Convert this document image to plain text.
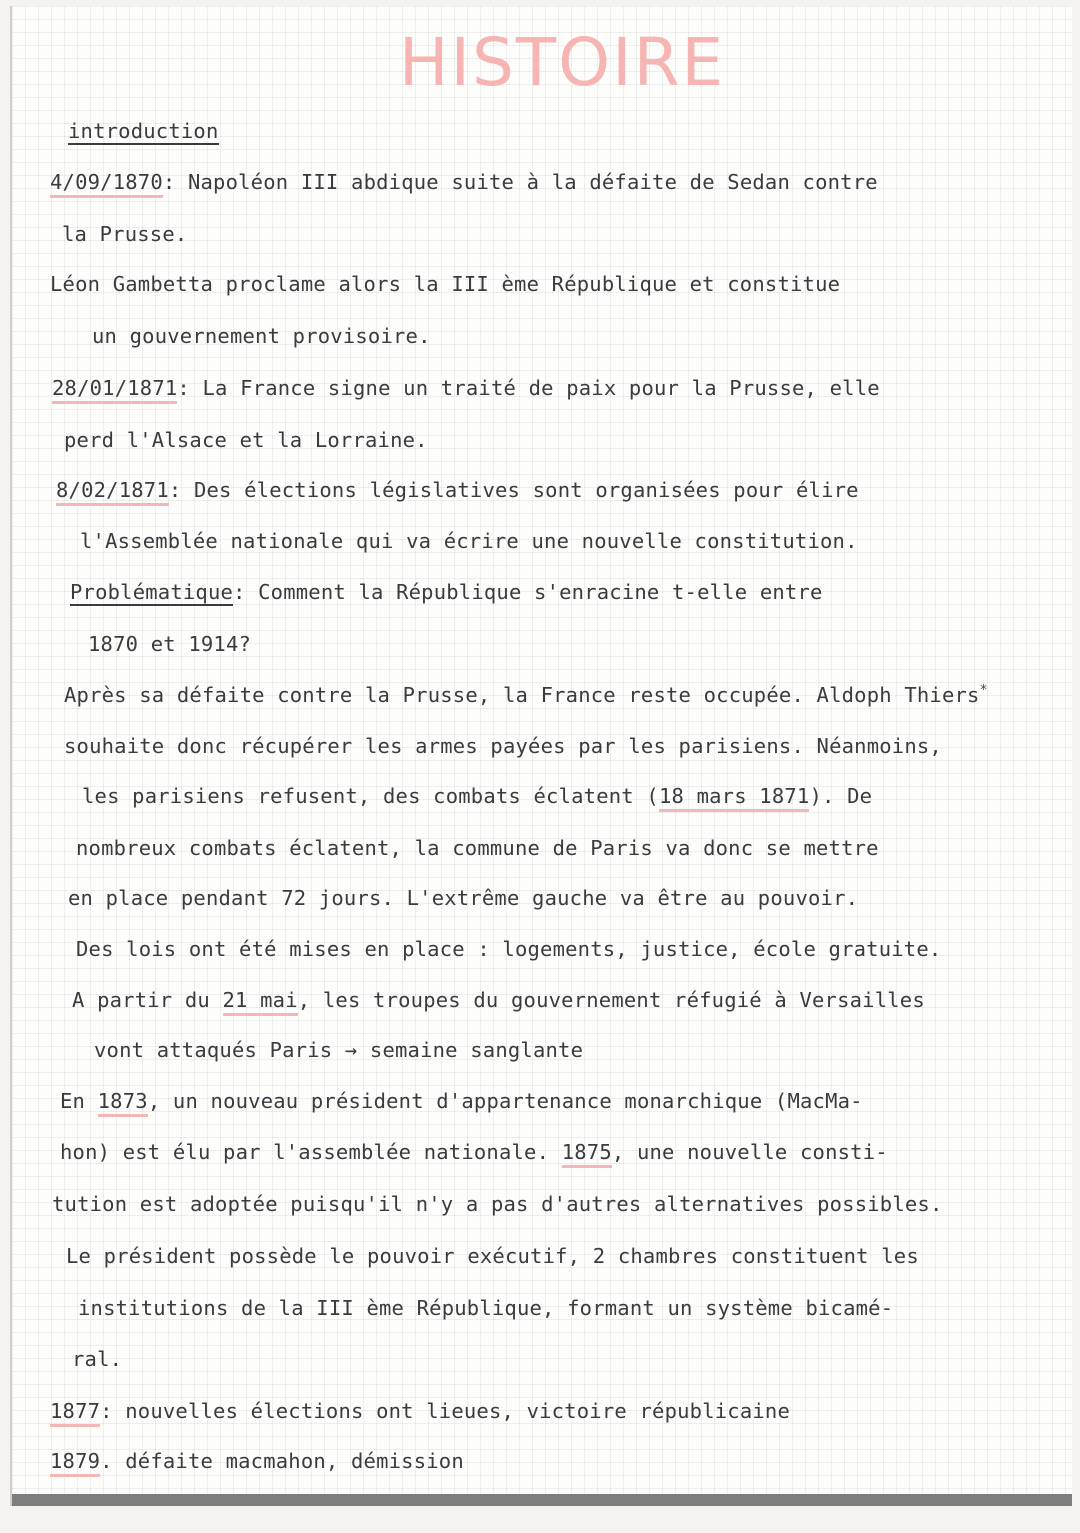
HISTOIRE
introduction
4/09/1870: Napoléon III abdique suite à la défaite de Sedan contre
la Prusse.
Léon Gambetta proclame alors la III ème République et constitue
un gouvernement provisoire.
28/01/1871: La France signe un traité de paix pour la Prusse, elle
perd l'Alsace et la Lorraine.
8/02/1871: Des élections législatives sont organisées pour élire
l'Assemblée nationale qui va écrire une nouvelle constitution.
Problématique: Comment la République s'enracine t-elle entre
1870 et 1914?
Après sa défaite contre la Prusse, la France reste occupée. Aldoph Thiers*
souhaite donc récupérer les armes payées par les parisiens. Néanmoins,
les parisiens refusent, des combats éclatent (18 mars 1871). De
nombreux combats éclatent, la commune de Paris va donc se mettre
en place pendant 72 jours. L'extrême gauche va être au pouvoir.
Des lois ont été mises en place : logements, justice, école gratuite.
A partir du 21 mai, les troupes du gouvernement réfugié à Versailles
vont attaqués Paris → semaine sanglante
En 1873, un nouveau président d'appartenance monarchique (MacMa-
hon) est élu par l'assemblée nationale. 1875, une nouvelle consti-
tution est adoptée puisqu'il n'y a pas d'autres alternatives possibles.
Le président possède le pouvoir exécutif, 2 chambres constituent les
institutions de la III ème République, formant un système bicamé-
ral.
1877: nouvelles élections ont lieues, victoire républicaine
1879. défaite macmahon, démission
